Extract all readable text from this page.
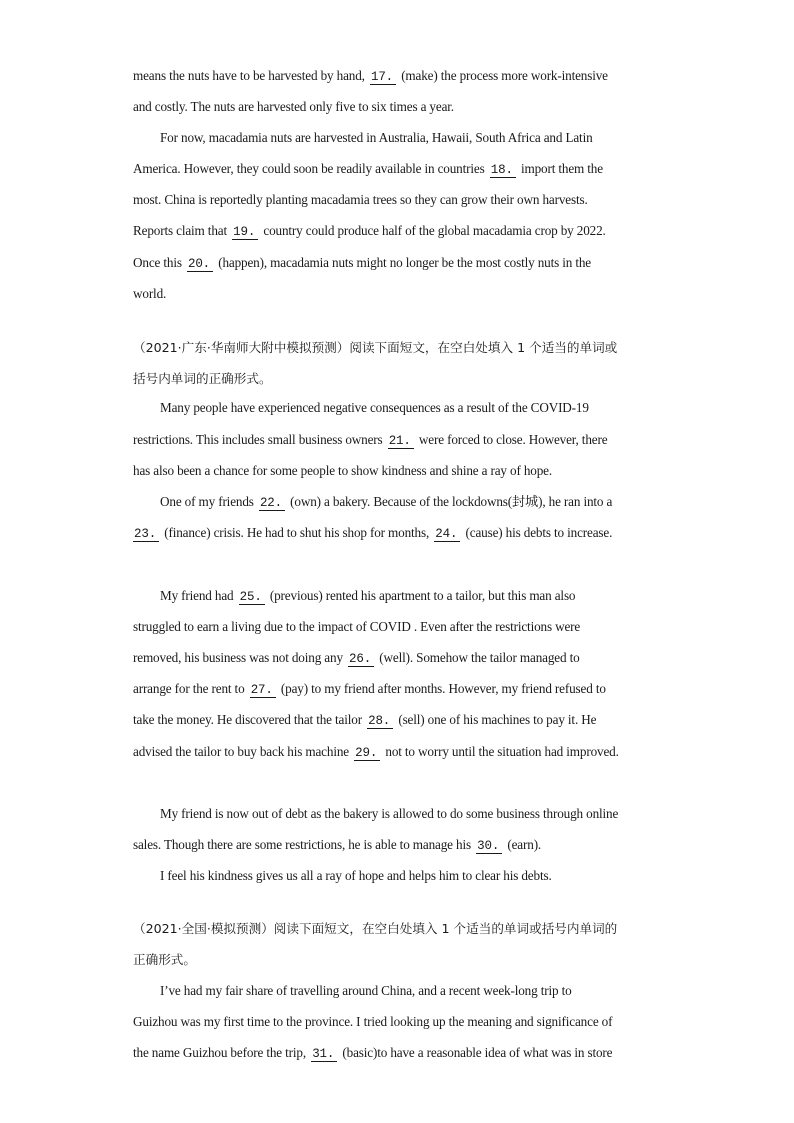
means the nuts have to be harvested by hand, 17. (make) the process more work-intensive
and costly. The nuts are harvested only five to six times a year.
For now, macadamia nuts are harvested in Australia, Hawaii, South Africa and Latin
America. However, they could soon be readily available in countries 18. import them the
most. China is reportedly planting macadamia trees so they can grow their own harvests.
Reports claim that 19. country could produce half of the global macadamia crop by 2022.
Once this 20. (happen), macadamia nuts might no longer be the most costly nuts in the
world.
（2021·广东·华南师大附中模拟预测）阅读下面短文，在空白处填入 1 个适当的单词或
括号内单词的正确形式。
Many people have experienced negative consequences as a result of the COVID-19
restrictions. This includes small business owners 21. were forced to close. However, there
has also been a chance for some people to show kindness and shine a ray of hope.
One of my friends 22. (own) a bakery. Because of the lockdowns(封城), he ran into a
23. (finance) crisis. He had to shut his shop for months, 24. (cause) his debts to increase.
My friend had 25. (previous) rented his apartment to a tailor, but this man also
struggled to earn a living due to the impact of COVID . Even after the restrictions were
removed, his business was not doing any 26. (well). Somehow the tailor managed to
arrange for the rent to 27. (pay) to my friend after months. However, my friend refused to
take the money. He discovered that the tailor 28. (sell) one of his machines to pay it. He
advised the tailor to buy back his machine 29. not to worry until the situation had improved.
My friend is now out of debt as the bakery is allowed to do some business through online
sales. Though there are some restrictions, he is able to manage his 30. (earn).
I feel his kindness gives us all a ray of hope and helps him to clear his debts.
（2021·全国·模拟预测）阅读下面短文，在空白处填入 1 个适当的单词或括号内单词的
正确形式。
I’ve had my fair share of travelling around China, and a recent week-long trip to
Guizhou was my first time to the province. I tried looking up the meaning and significance of
the name Guizhou before the trip, 31. (basic)to have a reasonable idea of what was in store
